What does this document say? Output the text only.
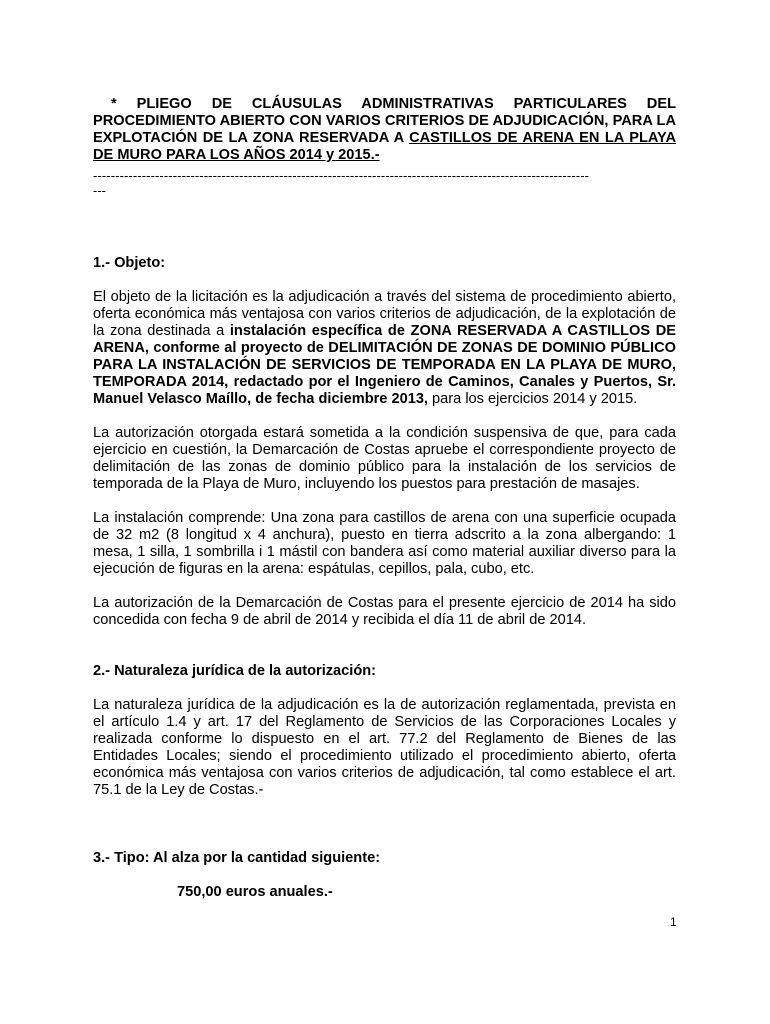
* PLIEGO DE CLÁUSULAS ADMINISTRATIVAS PARTICULARES DEL PROCEDIMIENTO ABIERTO CON VARIOS CRITERIOS DE ADJUDICACIÓN, PARA LA EXPLOTACIÓN DE LA ZONA RESERVADA A CASTILLOS DE ARENA EN LA PLAYA DE MURO PARA LOS AÑOS 2014 y 2015.-
----------------------------------------------------------------------------------------------------------------
---
1.- Objeto:

El objeto de la licitación es la adjudicación a través del sistema de procedimiento abierto, oferta económica más ventajosa con varios criterios de adjudicación, de la explotación de la zona destinada a instalación específica de ZONA RESERVADA A CASTILLOS DE ARENA, conforme al proyecto de DELIMITACIÓN DE ZONAS DE DOMINIO PÚBLICO PARA LA INSTALACIÓN DE SERVICIOS DE TEMPORADA EN LA PLAYA DE MURO, TEMPORADA 2014, redactado por el Ingeniero de Caminos, Canales y Puertos, Sr. Manuel Velasco Maíllo, de fecha diciembre 2013, para los ejercicios 2014 y 2015.

La autorización otorgada estará sometida a la condición suspensiva de que, para cada ejercicio en cuestión, la Demarcación de Costas apruebe el correspondiente proyecto de delimitación de las zonas de dominio público para la instalación de los servicios de temporada de la Playa de Muro, incluyendo los puestos para prestación de masajes.

La instalación comprende: Una zona para castillos de arena con una superficie ocupada de 32 m2 (8 longitud x 4 anchura), puesto en tierra adscrito a la zona albergando: 1 mesa, 1 silla, 1 sombrilla i 1 mástil con bandera así como material auxiliar diverso para la ejecución de figuras en la arena: espátulas, cepillos, pala, cubo, etc.

La autorización de la Demarcación de Costas para el presente ejercicio de 2014 ha sido concedida con fecha 9 de abril de 2014 y recibida el día 11 de abril de 2014.

2.- Naturaleza jurídica de la autorización:

La naturaleza jurídica de la adjudicación es la de autorización reglamentada, prevista en el artículo 1.4 y art. 17 del Reglamento de Servicios de las Corporaciones Locales y realizada conforme lo dispuesto en el art. 77.2 del Reglamento de Bienes de las Entidades Locales; siendo el procedimiento utilizado el procedimiento abierto, oferta económica más ventajosa con varios criterios de adjudicación, tal como establece el art. 75.1 de la Ley de Costas.-

3.- Tipo: Al alza por la cantidad siguiente:
750,00 euros anuales.-
1
